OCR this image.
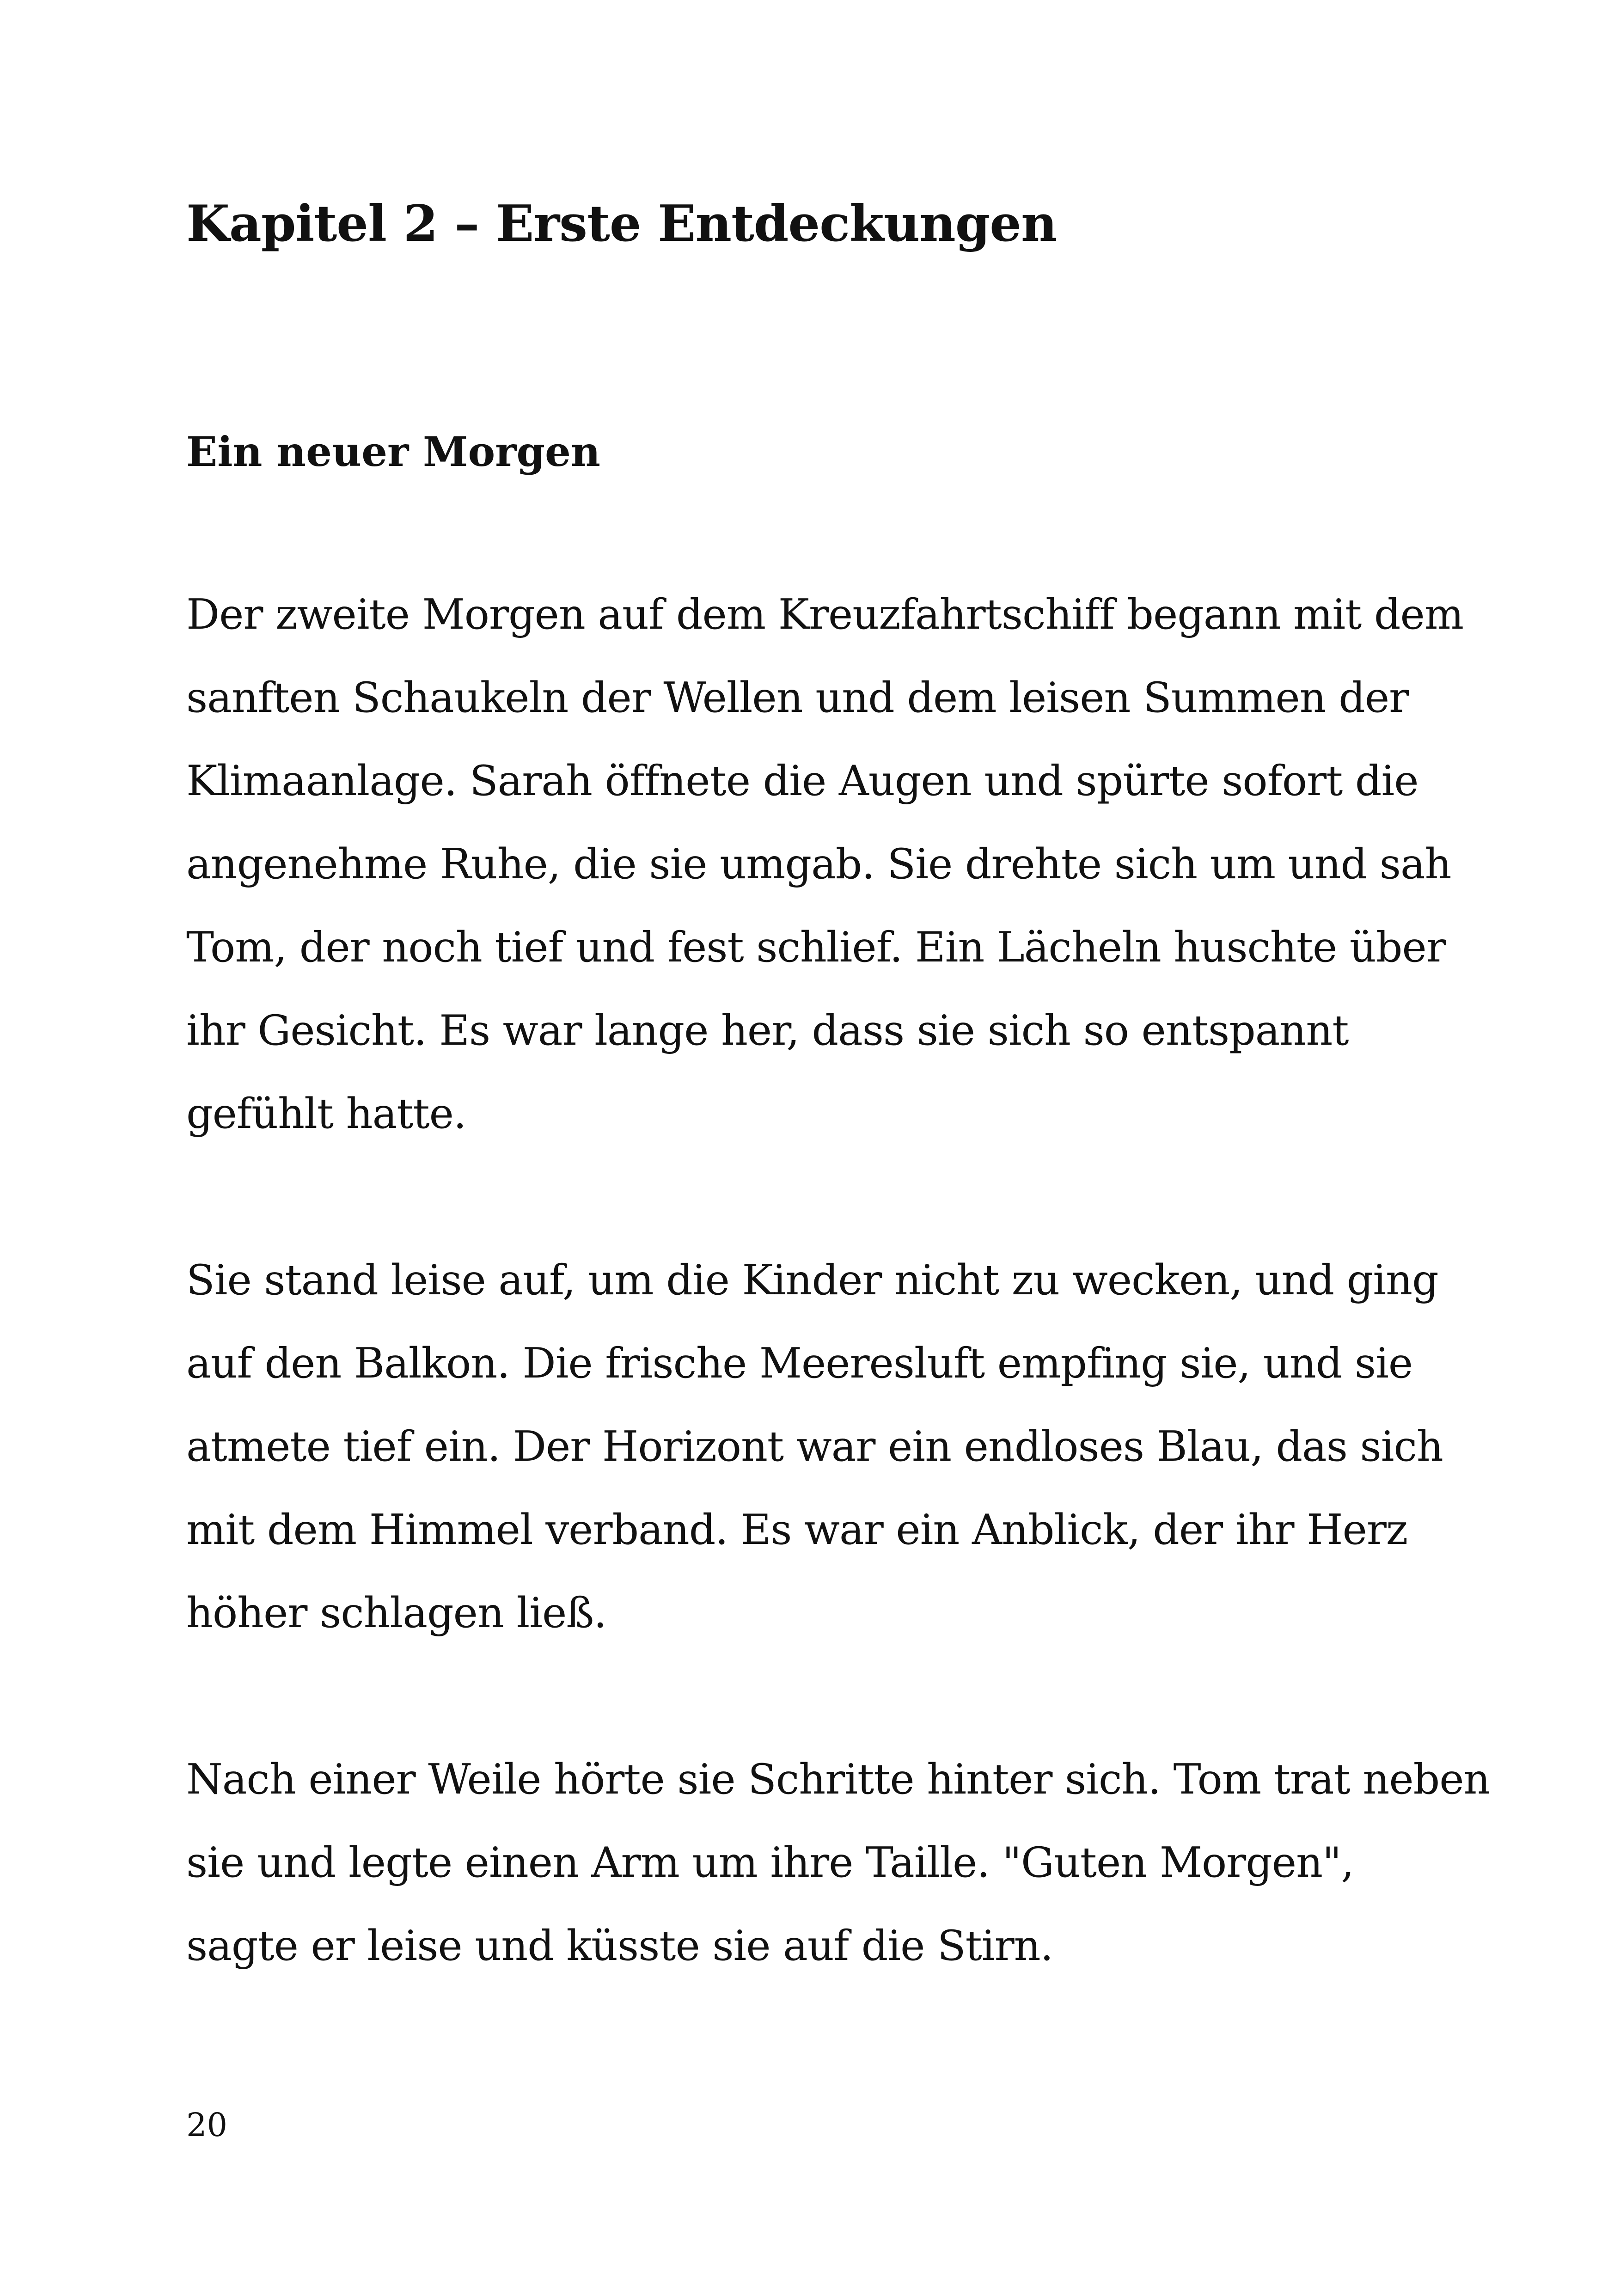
Kapitel 2 – Erste Entdeckungen
Ein neuer Morgen

Der zweite Morgen auf dem Kreuzfahrtschiff begann mit dem
sanften Schaukeln der Wellen und dem leisen Summen der
Klimaanlage. Sarah öffnete die Augen und spürte sofort die
angenehme Ruhe, die sie umgab. Sie drehte sich um und sah
Tom, der noch tief und fest schlief. Ein Lächeln huschte über
ihr Gesicht. Es war lange her, dass sie sich so entspannt
gefühlt hatte.

Sie stand leise auf, um die Kinder nicht zu wecken, und ging
auf den Balkon. Die frische Meeresluft empfing sie, und sie
atmete tief ein. Der Horizont war ein endloses Blau, das sich
mit dem Himmel verband. Es war ein Anblick, der ihr Herz
höher schlagen ließ.

Nach einer Weile hörte sie Schritte hinter sich. Tom trat neben
sie und legte einen Arm um ihre Taille. "Guten Morgen",
sagte er leise und küsste sie auf die Stirn.

20
